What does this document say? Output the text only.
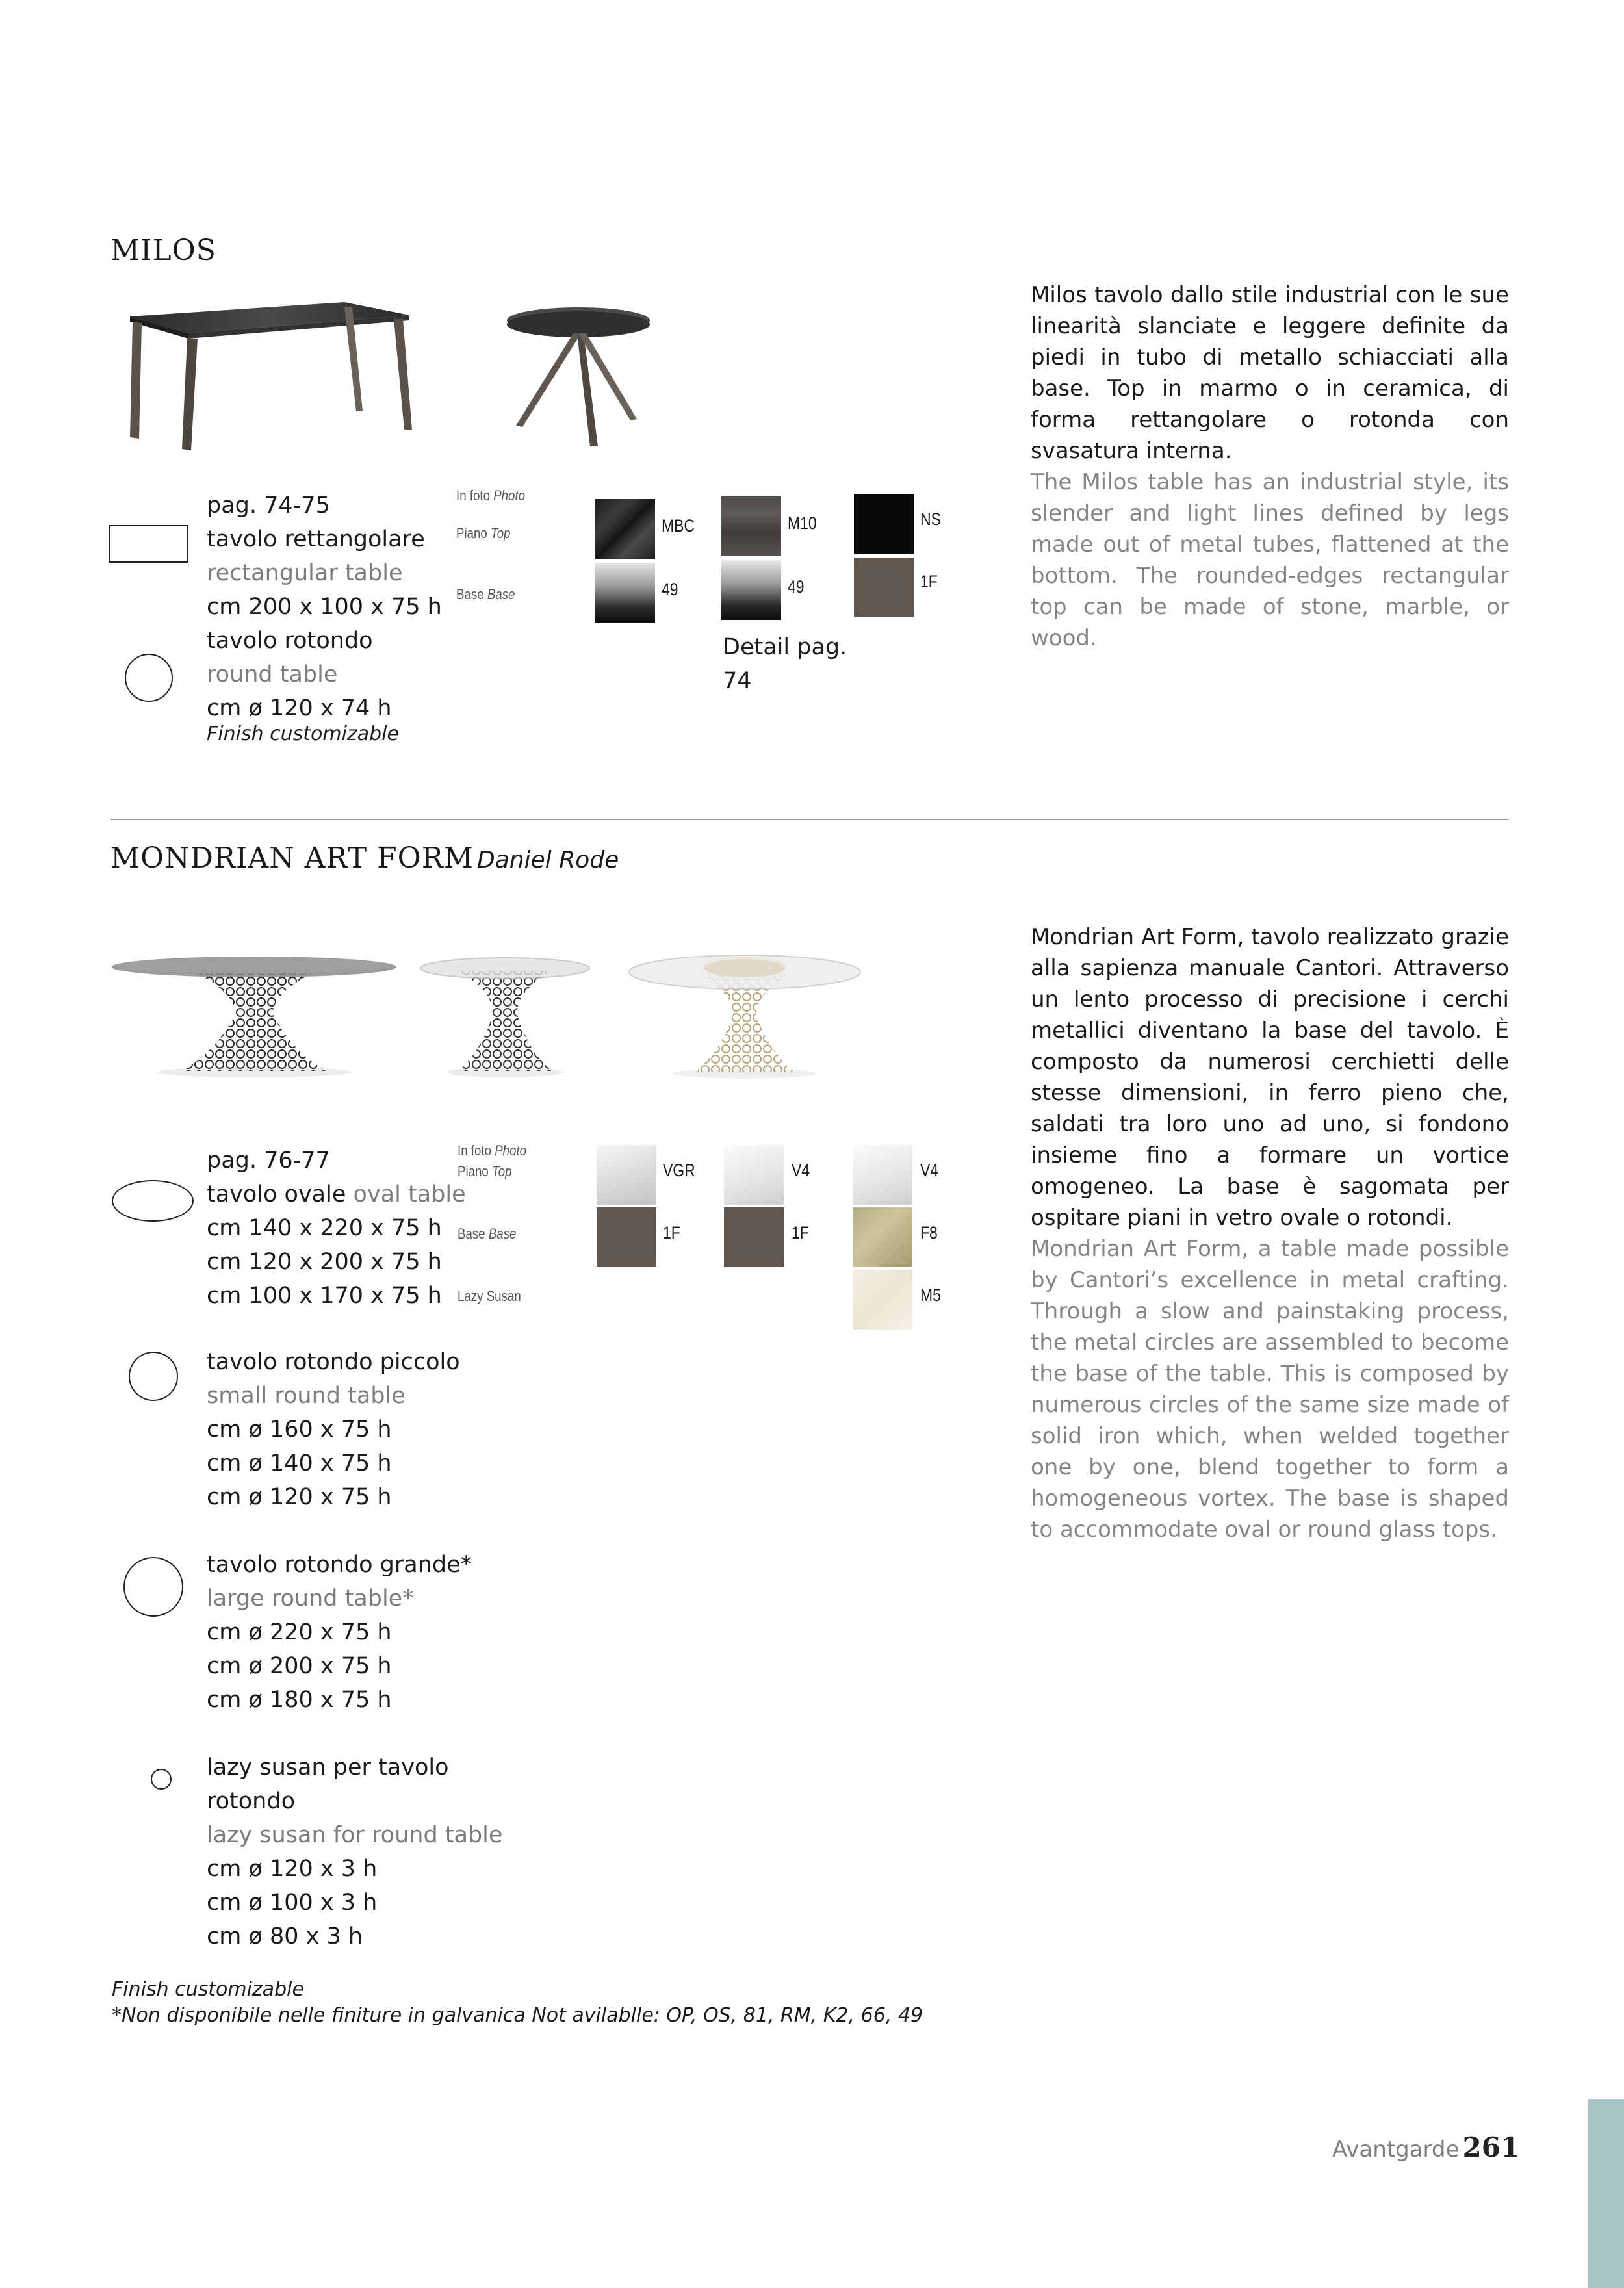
MILOS
pag. 74-75
tavolo rettangolare
rectangular table
cm 200 x 100 x 75 h
tavolo rotondo
round table
cm ø 120 x 74 h
Finish customizable
In foto Photo
Piano Top
Base Base
MBC
49
M10
49
NS
1F
Detail pag.
74
Milos tavolo dallo stile industrial con le sue linearità slanciate e leggere definite da piedi in tubo di metallo schiacciati alla base. Top in marmo o in ceramica, di forma rettangolare o rotonda con svasatura interna.
The Milos table has an industrial style, its slender and light lines defined by legs made out of metal tubes, flattened at the bottom. The rounded-edges rectangular top can be made of stone, marble, or wood.
MONDRIAN ART FORM Daniel Rode
pag. 76-77
tavolo ovale oval table
cm 140 x 220 x 75 h
cm 120 x 200 x 75 h
cm 100 x 170 x 75 h
tavolo rotondo piccolo
small round table
cm ø 160 x 75 h
cm ø 140 x 75 h
cm ø 120 x 75 h
tavolo rotondo grande*
large round table*
cm ø 220 x 75 h
cm ø 200 x 75 h
cm ø 180 x 75 h
lazy susan per tavolo
rotondo
lazy susan for round table
cm ø 120 x 3 h
cm ø 100 x 3 h
cm ø 80 x 3 h
In foto Photo
Piano Top
Base Base
Lazy Susan
VGR
1F
V4
1F
V4
F8
M5
Mondrian Art Form, tavolo realizzato grazie alla sapienza manuale Cantori. Attraverso un lento processo di precisione i cerchi metallici diventano la base del tavolo. È composto da numerosi cerchietti delle stesse dimensioni, in ferro pieno che, saldati tra loro uno ad uno, si fondono insieme fino a formare un vortice omogeneo. La base è sagomata per ospitare piani in vetro ovale o rotondi.
Mondrian Art Form, a table made possible by Cantori’s excellence in metal crafting. Through a slow and painstaking process, the metal circles are assembled to become the base of the table. This is composed by numerous circles of the same size made of solid iron which, when welded together one by one, blend together to form a homogeneous vortex. The base is shaped to accommodate oval or round glass tops.
Finish customizable
*Non disponibile nelle finiture in galvanica Not avilablle: OP, OS, 81, RM, K2, 66, 49
Avantgarde 261
